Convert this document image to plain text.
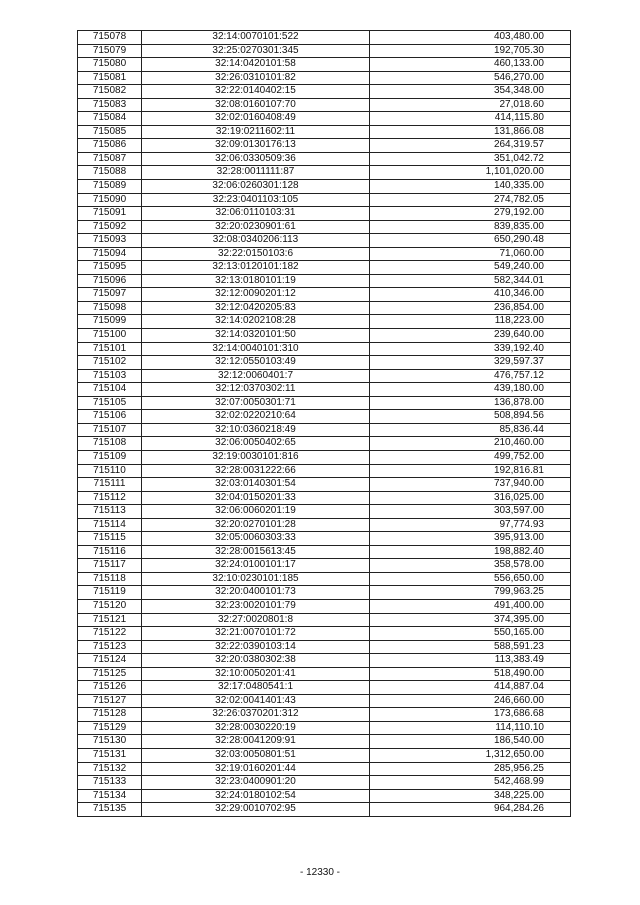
715078	32:14:0070101:522	403,480.00
715079	32:25:0270301:345	192,705.30
715080	32:14:0420101:58	460,133.00
715081	32:26:0310101:82	546,270.00
715082	32:22:0140402:15	354,348.00
715083	32:08:0160107:70	27,018.60
715084	32:02:0160408:49	414,115.80
715085	32:19:0211602:11	131,866.08
715086	32:09:0130176:13	264,319.57
715087	32:06:0330509:36	351,042.72
715088	32:28:0011111:87	1,101,020.00
715089	32:06:0260301:128	140,335.00
715090	32:23:0401103:105	274,782.05
715091	32:06:0110103:31	279,192.00
715092	32:20:0230901:61	839,835.00
715093	32:08:0340206:113	650,290.48
715094	32:22:0150103:6	71,060.00
715095	32:13:0120101:182	549,240.00
715096	32:13:0180101:19	582,344.01
715097	32:12:0090201:12	410,346.00
715098	32:12:0420205:83	236,854.00
715099	32:14:0202108:28	118,223.00
715100	32:14:0320101:50	239,640.00
715101	32:14:0040101:310	339,192.40
715102	32:12:0550103:49	329,597.37
715103	32:12:0060401:7	476,757.12
715104	32:12:0370302:11	439,180.00
715105	32:07:0050301:71	136,878.00
715106	32:02:0220210:64	508,894.56
715107	32:10:0360218:49	85,836.44
715108	32:06:0050402:65	210,460.00
715109	32:19:0030101:816	499,752.00
715110	32:28:0031222:66	192,816.81
715111	32:03:0140301:54	737,940.00
715112	32:04:0150201:33	316,025.00
715113	32:06:0060201:19	303,597.00
715114	32:20:0270101:28	97,774.93
715115	32:05:0060303:33	395,913.00
715116	32:28:0015613:45	198,882.40
715117	32:24:0100101:17	358,578.00
715118	32:10:0230101:185	556,650.00
715119	32:20:0400101:73	799,963.25
715120	32:23:0020101:79	491,400.00
715121	32:27:0020801:8	374,395.00
715122	32:21:0070101:72	550,165.00
715123	32:22:0390103:14	588,591.23
715124	32:20:0380302:38	113,383.49
715125	32:10:0050201:41	518,490.00
715126	32:17:0480541:1	414,887.04
715127	32:02:0041401:43	246,660.00
715128	32:26:0370201:312	173,686.68
715129	32:28:0030220:19	114,110.10
715130	32:28:0041209:91	186,540.00
715131	32:03:0050801:51	1,312,650.00
715132	32:19:0160201:44	285,956.25
715133	32:23:0400901:20	542,468.99
715134	32:24:0180102:54	348,225.00
715135	32:29:0010702:95	964,284.26
- 12330 -
